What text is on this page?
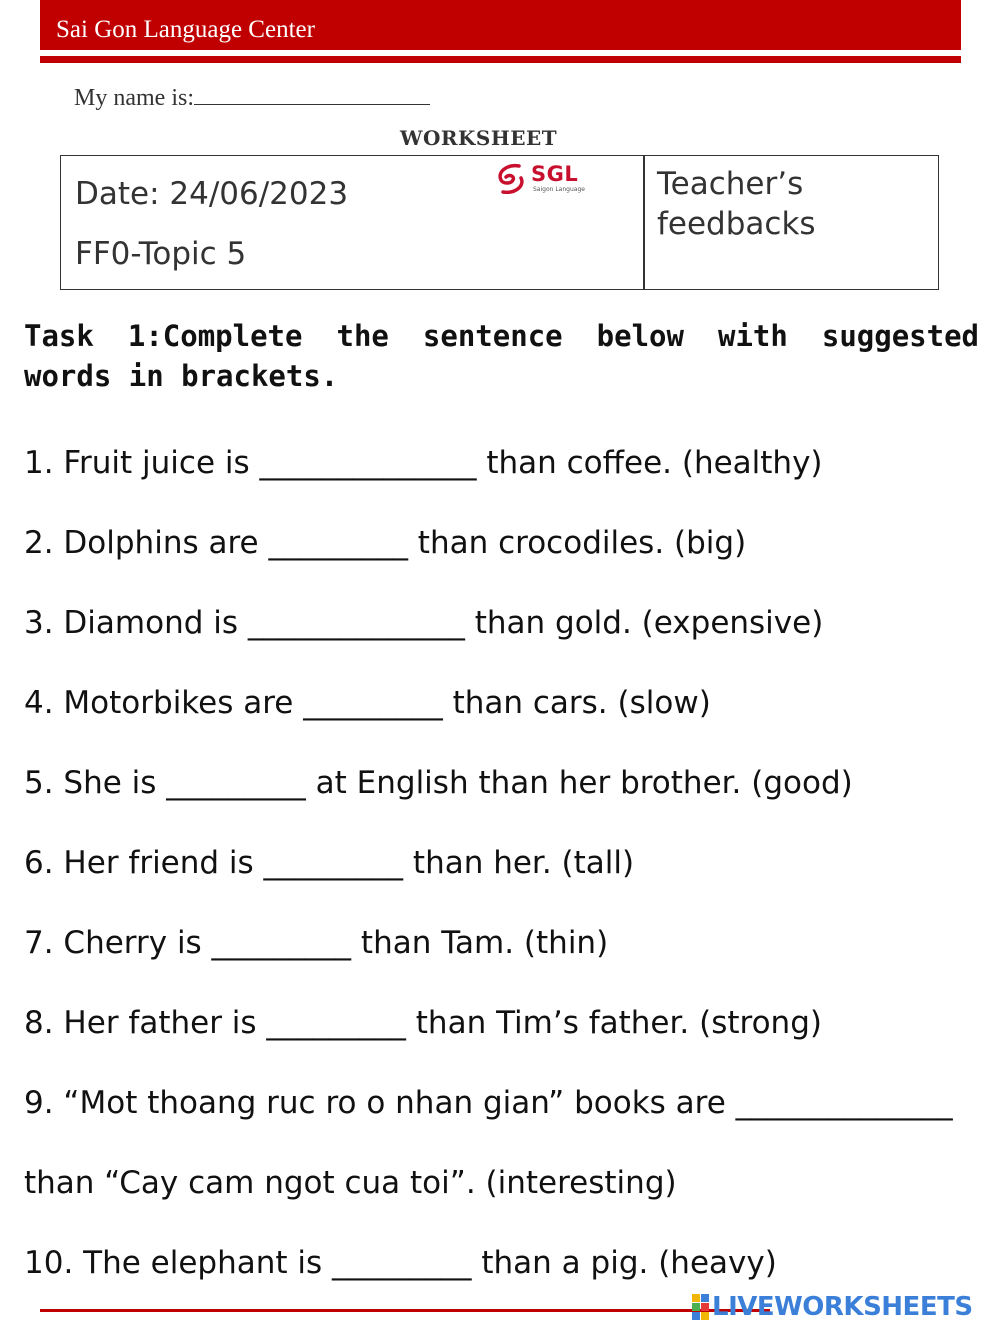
Sai Gon Language Center
My name is:
WORKSHEET
Date: 24/06/2023
FF0-Topic 5
SGL
Saigon Language Teacher’s feedbacks
Task 1:Complete the sentence below with suggested words in brackets.
1. Fruit juice is ______________ than coffee. (healthy)
2. Dolphins are _________ than crocodiles. (big)
3. Diamond is ______________ than gold. (expensive)
4. Motorbikes are _________ than cars. (slow)
5. She is _________ at English than her brother. (good)
6. Her friend is _________ than her. (tall)
7. Cherry is _________ than Tam. (thin)
8. Her father is _________ than Tim’s father. (strong)
9. “Mot thoang ruc ro o nhan gian” books are ______________
than “Cay cam ngot cua toi”. (interesting)
10. The elephant is _________ than a pig. (heavy)
LIVEWORKSHEETS
